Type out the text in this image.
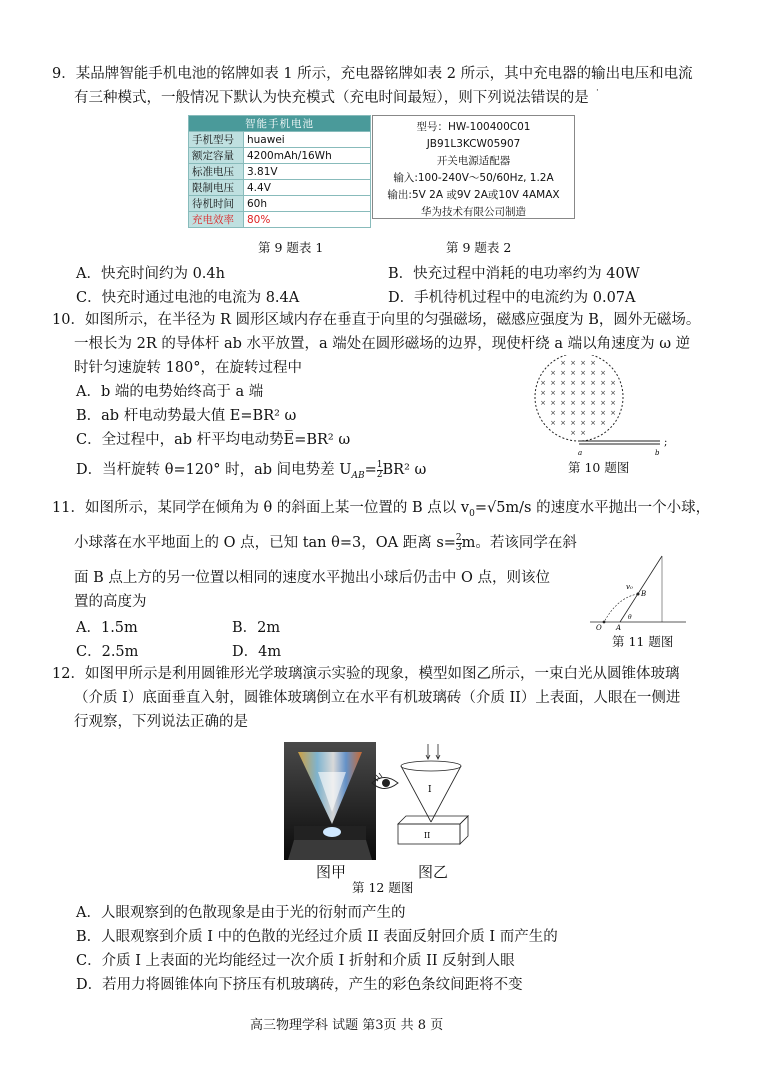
9．某品牌智能手机电池的铭牌如表 1 所示，充电器铭牌如表 2 所示，其中充电器的输出电压和电流
有三种模式，一般情况下默认为快充模式（充电时间最短），则下列说法错误的是 ·
智能手机电池	
手机型号	huawei
额定容量	4200mAh/16Wh
标准电压	3.81V
限制电压	4.4V
待机时间	60h
充电效率	80%
型号：HW-100400C01
JB91L3KCW05907
开关电源适配器
输入:100-240V～50/60Hz, 1.2A
输出:5V 2A 或9V 2A或10V 4AMAX
华为技术有限公司制造
第 9 题表 1	第 9 题表 2
A．快充时间约为 0.4h	B．快充过程中消耗的电功率约为 40W
C．快充时通过电池的电流为 8.4A	D．手机待机过程中的电流约为 0.07A
10．如图所示，在半径为 R 圆形区域内存在垂直于向里的匀强磁场，磁感应强度为 B，圆外无磁场。
一根长为 2R 的导体杆 ab 水平放置，a 端处在圆形磁场的边界，现使杆绕 a 端以角速度为 ω 逆
时针匀速旋转 180°，在旋转过程中
A．b 端的电势始终高于 a 端
B．ab 杆电动势最大值 E=BR² ω
C．全过程中，ab 杆平均电动势E̅=BR² ω
D．当杆旋转 θ=120° 时，ab 间电势差 $U_{AB}= \frac{1}{2} BR^2$ ω
× × × ×
× × × × × ×
× × × × × × × ×
× × × × × × × ×
× × × × × × × ×
× × × × × × ×
× × × × × ×
× ×
a	b
;
第 10 题图
11．如图所示，某同学在倾角为 θ 的斜面上某一位置的 B 点以 $v_0=√5m/s$ 的速度水平抛出一个小球，
小球落在水平地面上的 O 点，已知 tan θ=3，OA 距离 $s= \frac{2}{3}$ m。若该同学在斜
面 B 点上方的另一位置以相同的速度水平抛出小球后仍击中 O 点，则该位
置的高度为
A．1.5m	B．2m
C．2.5m	D．4m
v₀
B
O A
θ
第 11 题图
12．如图甲所示是利用圆锥形光学玻璃演示实验的现象，模型如图乙所示，一束白光从圆锥体玻璃
（介质 I）底面垂直入射，圆锥体玻璃倒立在水平有机玻璃砖（介质 II）上表面，人眼在一侧进
行观察，下列说法正确的是
I
II
图甲	图乙
第 12 题图
A．人眼观察到的色散现象是由于光的衍射而产生的
B．人眼观察到介质 I 中的色散的光经过介质 II 表面反射回介质 I 而产生的
C．介质 I 上表面的光均能经过一次介质 I 折射和介质 II 反射到人眼
D．若用力将圆锥体向下挤压有机玻璃砖，产生的彩色条纹间距将不变
高三物理学科 试题 第3页 共 8 页
